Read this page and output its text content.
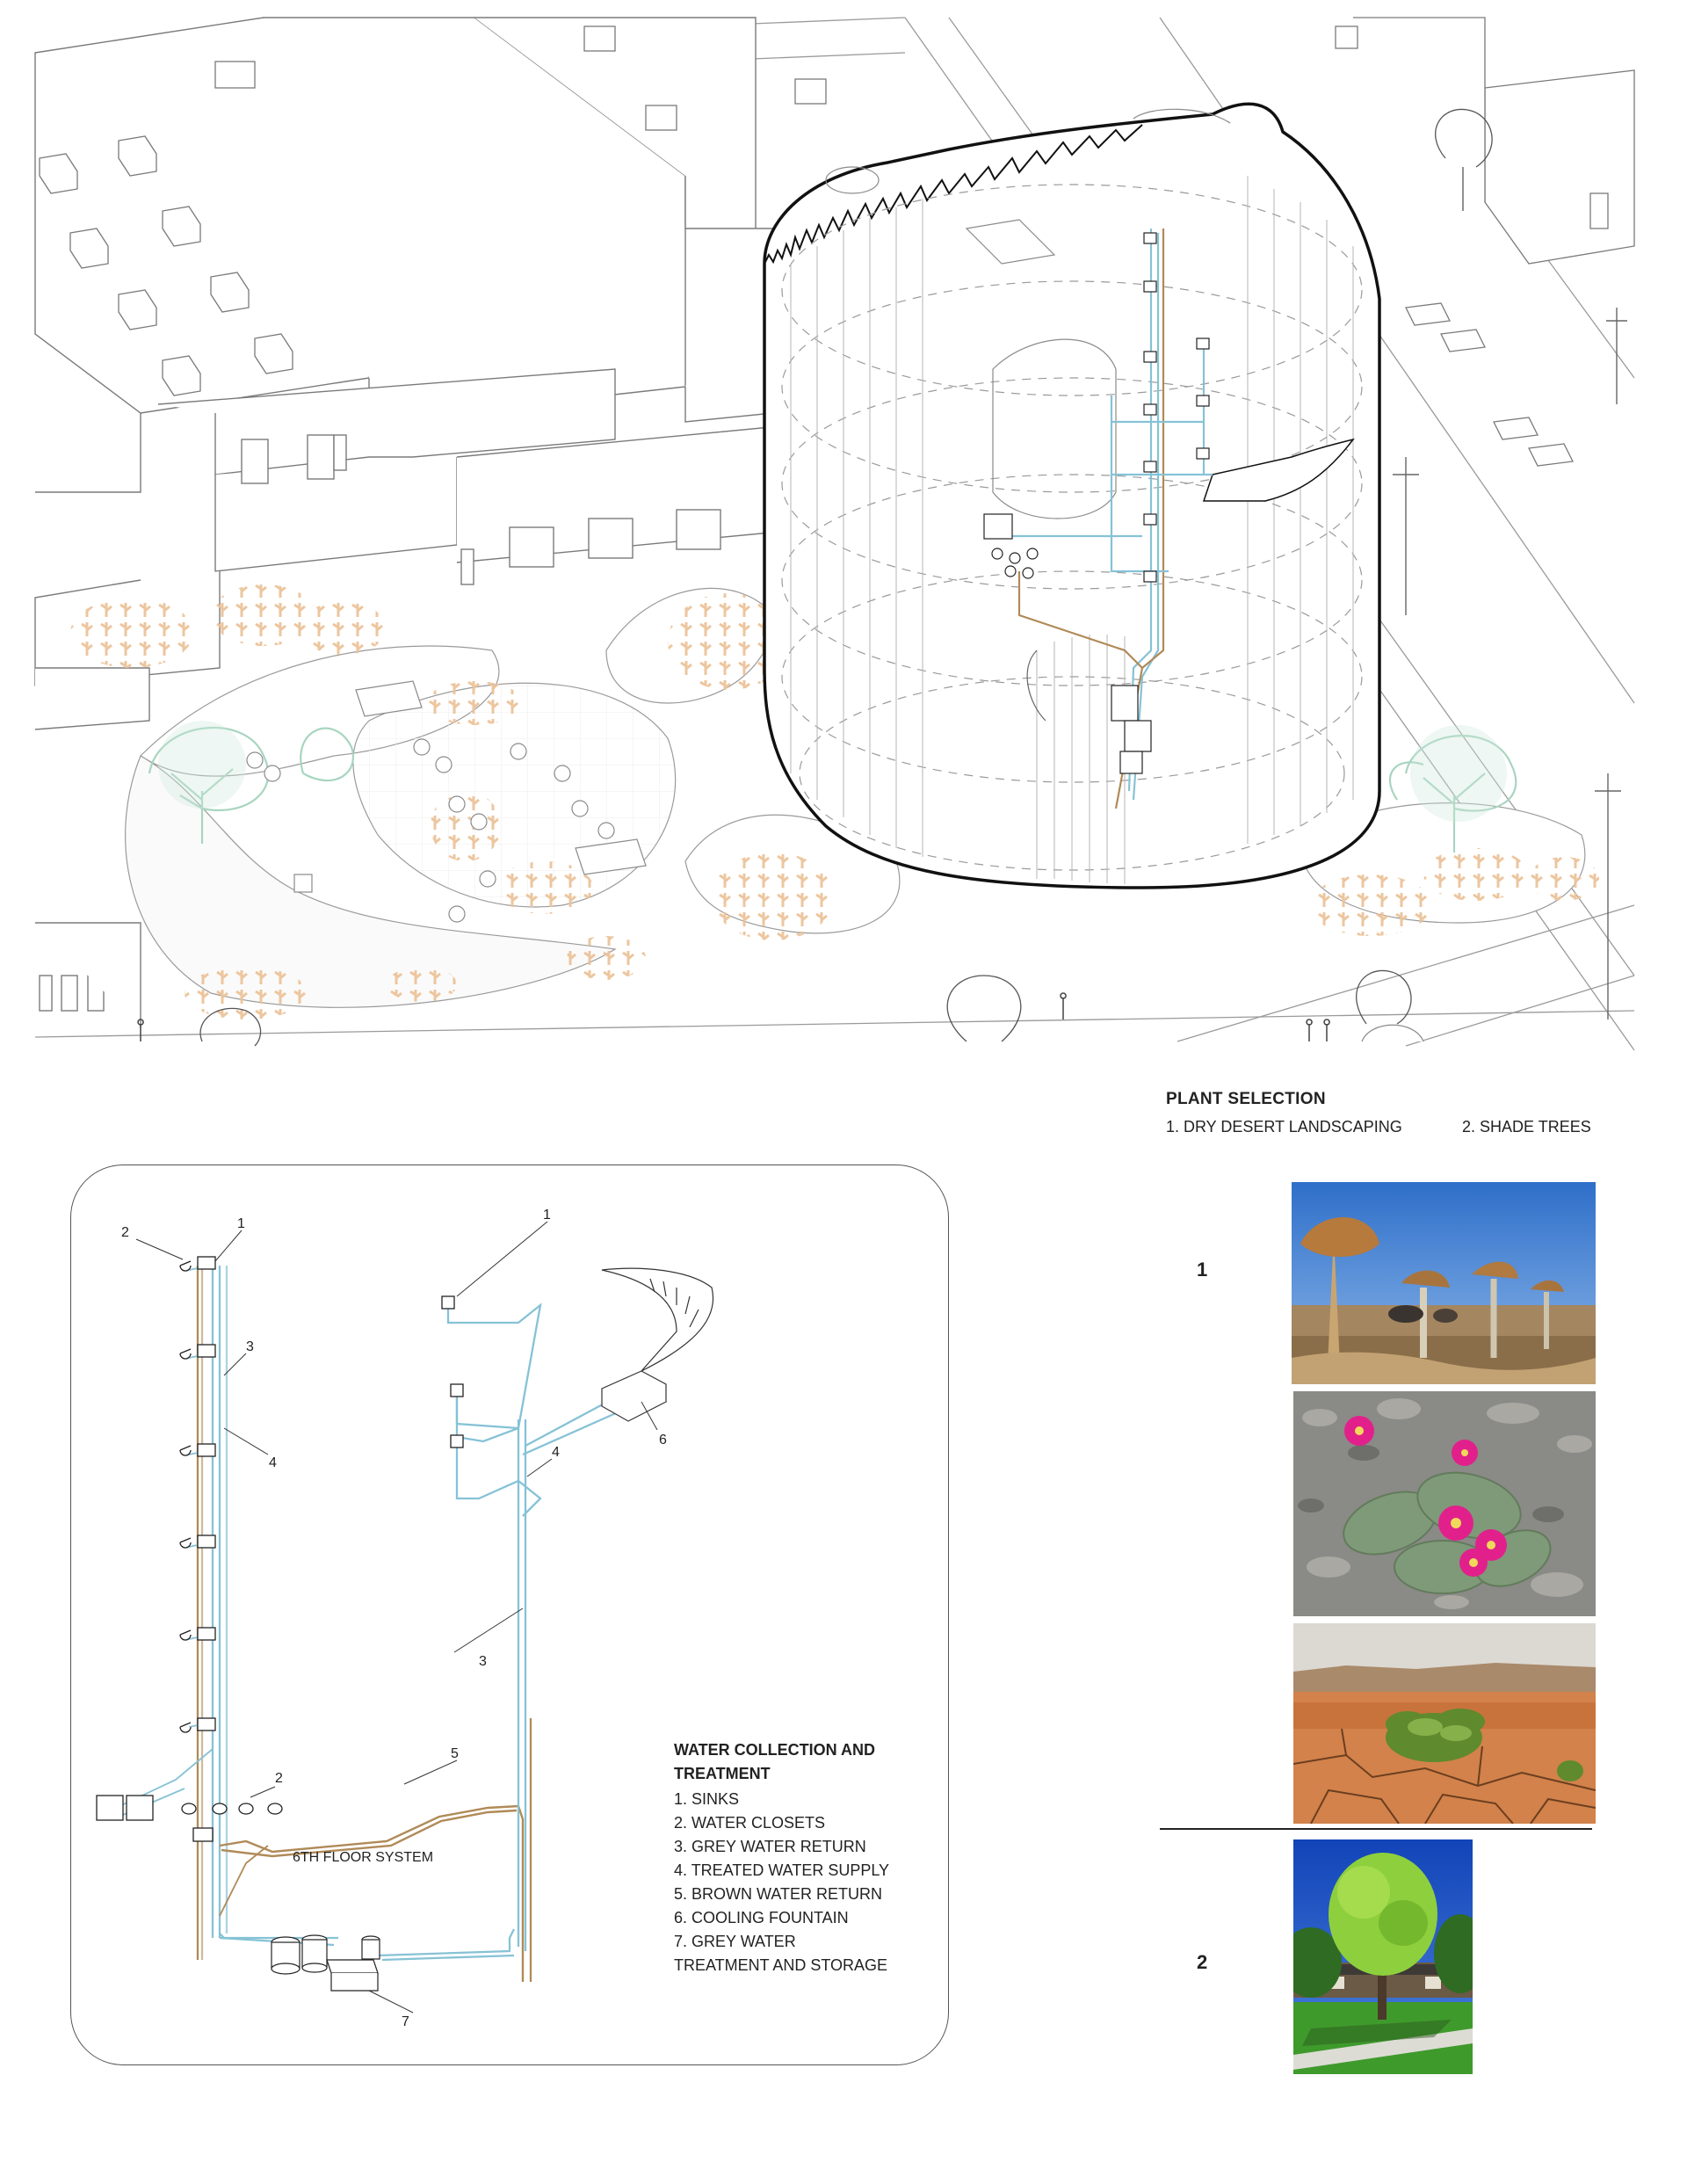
PLANT SELECTION
1. DRY DESERT LANDSCAPING	2. SHADE TREES
1
2
2
1
3
4
2
1
4
6
3
5
7
6TH FLOOR SYSTEM
WATER COLLECTION AND
TREATMENT
1. SINKS
2. WATER CLOSETS
3. GREY WATER RETURN
4. TREATED WATER SUPPLY
5. BROWN WATER RETURN
6. COOLING FOUNTAIN
7. GREY WATER
TREATMENT AND STORAGE
